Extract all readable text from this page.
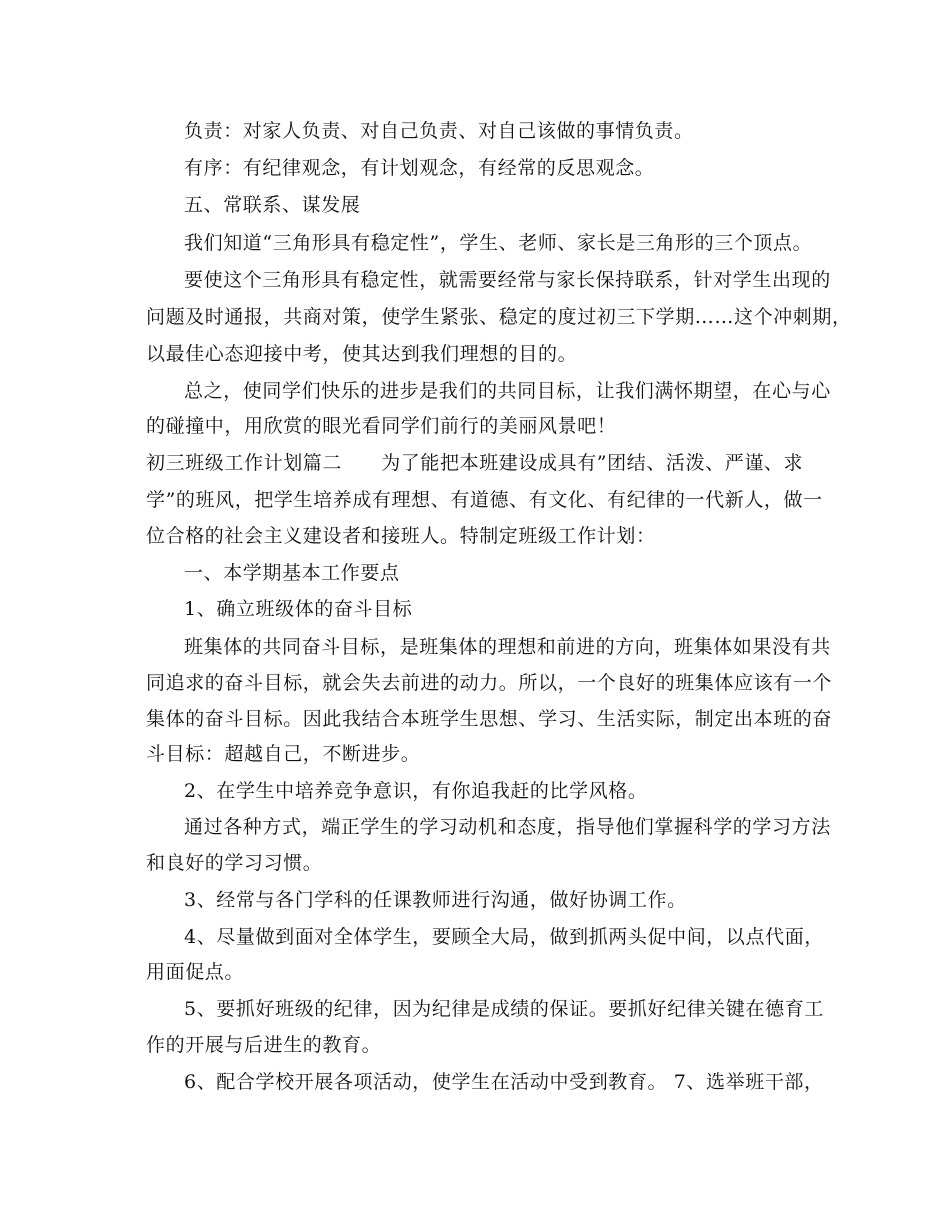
负责：对家人负责、对自己负责、对自己该做的事情负责。
有序：有纪律观念，有计划观念，有经常的反思观念。
五、常联系、谋发展
我们知道“三角形具有稳定性”，学生、老师、家长是三角形的三个顶点。
要使这个三角形具有稳定性，就需要经常与家长保持联系，针对学生出现的
问题及时通报，共商对策，使学生紧张、稳定的度过初三下学期……这个冲刺期，
以最佳心态迎接中考，使其达到我们理想的目的。
总之，使同学们快乐的进步是我们的共同目标，让我们满怀期望，在心与心
的碰撞中，用欣赏的眼光看同学们前行的美丽风景吧！
初三班级工作计划篇二　　为了能把本班建设成具有”团结、活泼、严谨、求
学”的班风，把学生培养成有理想、有道德、有文化、有纪律的一代新人，做一
位合格的社会主义建设者和接班人。特制定班级工作计划：
一、本学期基本工作要点
1、确立班级体的奋斗目标
班集体的共同奋斗目标，是班集体的理想和前进的方向，班集体如果没有共
同追求的奋斗目标，就会失去前进的动力。所以，一个良好的班集体应该有一个
集体的奋斗目标。因此我结合本班学生思想、学习、生活实际，制定出本班的奋
斗目标：超越自己，不断进步。
2、在学生中培养竞争意识，有你追我赶的比学风格。
通过各种方式，端正学生的学习动机和态度，指导他们掌握科学的学习方法
和良好的学习习惯。
3、经常与各门学科的任课教师进行沟通，做好协调工作。
4、尽量做到面对全体学生，要顾全大局，做到抓两头促中间，以点代面，
用面促点。
5、要抓好班级的纪律，因为纪律是成绩的保证。要抓好纪律关键在德育工
作的开展与后进生的教育。
6、配合学校开展各项活动，使学生在活动中受到教育。 7、选举班干部，
